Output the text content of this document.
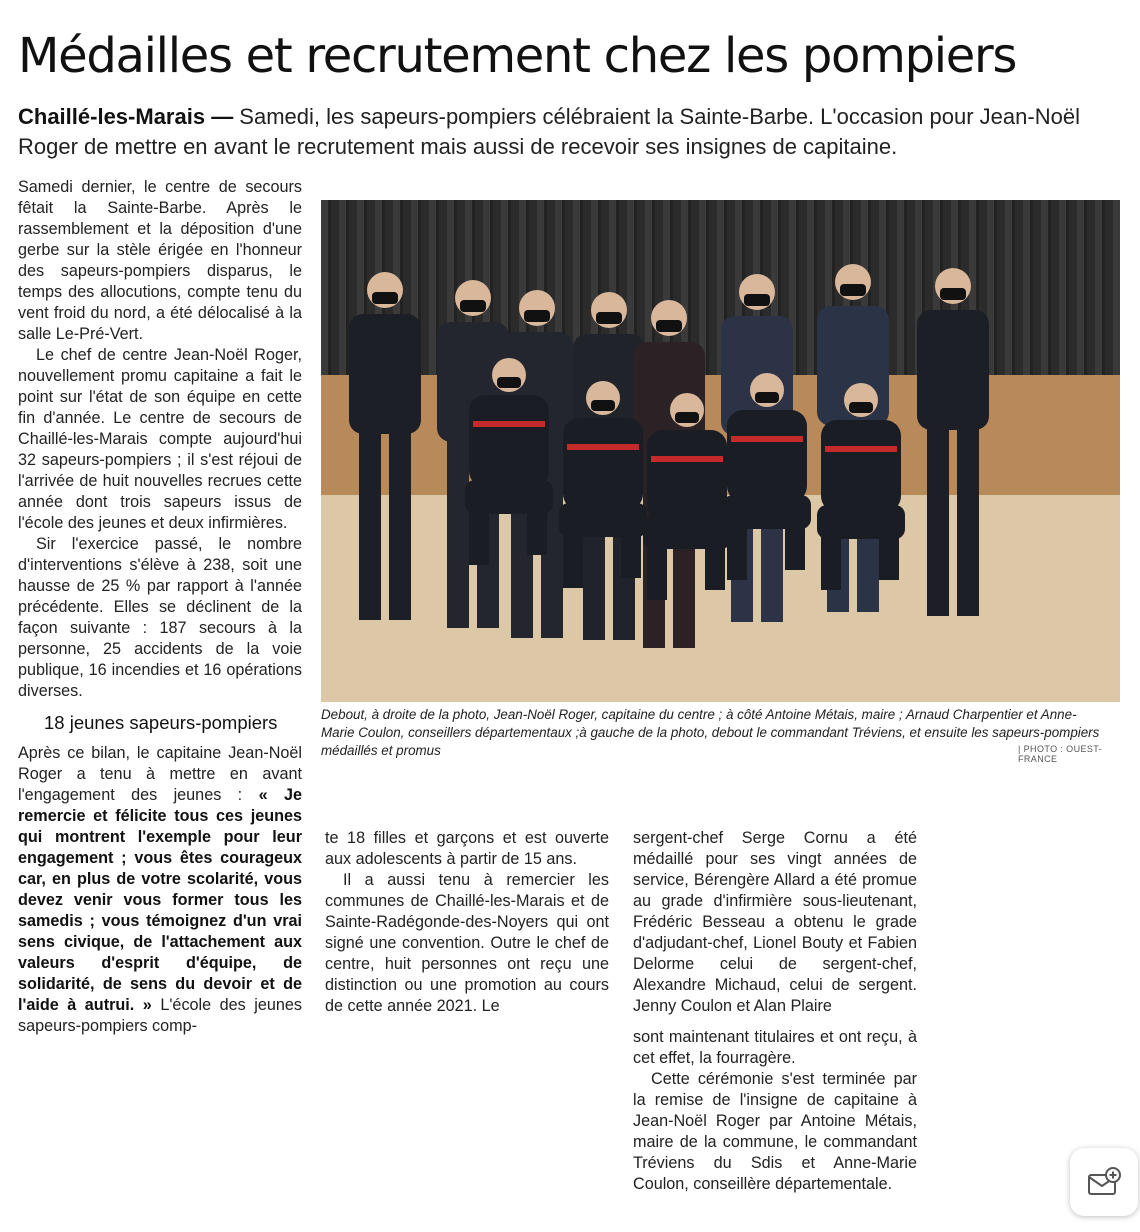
Médailles et recrutement chez les pompiers

Chaillé-les-Marais — Samedi, les sapeurs-pompiers célébraient la Sainte-Barbe. L'occasion pour Jean-Noël Roger de mettre en avant le recrutement mais aussi de recevoir ses insignes de capitaine.

Samedi dernier, le centre de secours fêtait la Sainte-Barbe. Après le rassemblement et la déposition d'une gerbe sur la stèle érigée en l'honneur des sapeurs-pompiers disparus, le temps des allocutions, compte tenu du vent froid du nord, a été délocalisé à la salle Le-Pré-Vert.

Le chef de centre Jean-Noël Roger, nouvellement promu capitaine a fait le point sur l'état de son équipe en cette fin d'année. Le centre de secours de Chaillé-les-Marais compte aujourd'hui 32 sapeurs-pompiers ; il s'est réjoui de l'arrivée de huit nouvelles recrues cette année dont trois sapeurs issus de l'école des jeunes et deux infirmières.

Sir l'exercice passé, le nombre d'interventions s'élève à 238, soit une hausse de 25 % par rapport à l'année précédente. Elles se déclinent de la façon suivante : 187 secours à la personne, 25 accidents de la voie publique, 16 incendies et 16 opérations diverses.

18 jeunes sapeurs-pompiers

Après ce bilan, le capitaine Jean-Noël Roger a tenu à mettre en avant l'engagement des jeunes : « Je remercie et félicite tous ces jeunes qui montrent l'exemple pour leur engagement ; vous êtes courageux car, en plus de votre scolarité, vous devez venir vous former tous les samedis ; vous témoignez d'un vrai sens civique, de l'attachement aux valeurs d'esprit d'équipe, de solidarité, de sens du devoir et de l'aide à autrui. » L'école des jeunes sapeurs-pompiers comp-

Debout, à droite de la photo, Jean-Noël Roger, capitaine du centre ; à côté Antoine Métais, maire ; Arnaud Charpentier et Anne-Marie Coulon, conseillers départementaux ;à gauche de la photo, debout le commandant Tréviens, et ensuite les sapeurs-pompiers médaillés et promus	| PHOTO : OUEST-FRANCE

te 18 filles et garçons et est ouverte aux adolescents à partir de 15 ans.

Il a aussi tenu à remercier les communes de Chaillé-les-Marais et de Sainte-Radégonde-des-Noyers qui ont signé une convention. Outre le chef de centre, huit personnes ont reçu une distinction ou une promotion au cours de cette année 2021. Le

sergent-chef Serge Cornu a été médaillé pour ses vingt années de service, Bérengère Allard a été promue au grade d'infirmière sous-lieutenant, Frédéric Besseau a obtenu le grade d'adjudant-chef, Lionel Bouty et Fabien Delorme celui de sergent-chef, Alexandre Michaud, celui de sergent. Jenny Coulon et Alan Plaire

sont maintenant titulaires et ont reçu, à cet effet, la fourragère.

Cette cérémonie s'est terminée par la remise de l'insigne de capitaine à Jean-Noël Roger par Antoine Métais, maire de la commune, le commandant Tréviens du Sdis et Anne-Marie Coulon, conseillère départementale.
